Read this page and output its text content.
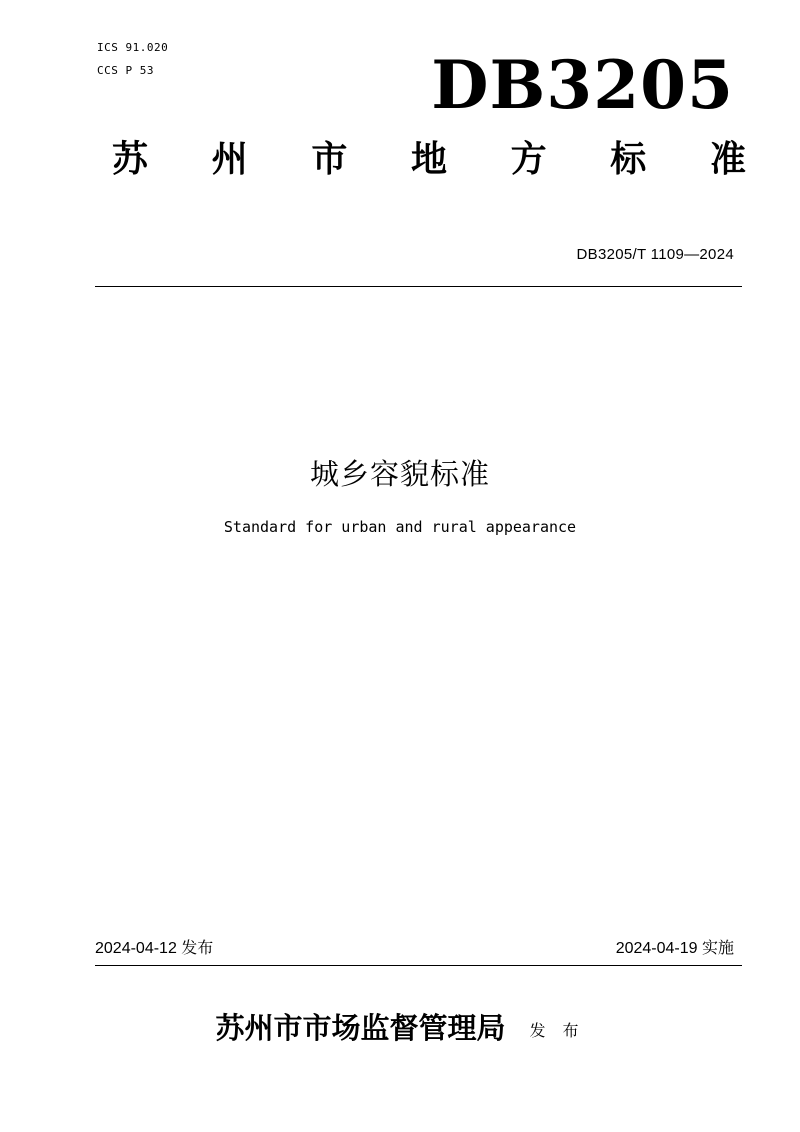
ICS 91.020
CCS P 53	DB3205
苏 州 市 地 方 标 准
DB3205/T 1109—2024
城乡容貌标准
Standard for urban and rural appearance
2024-04-12 发布	2024-04-19 实施
苏州市市场监督管理局 发 布
